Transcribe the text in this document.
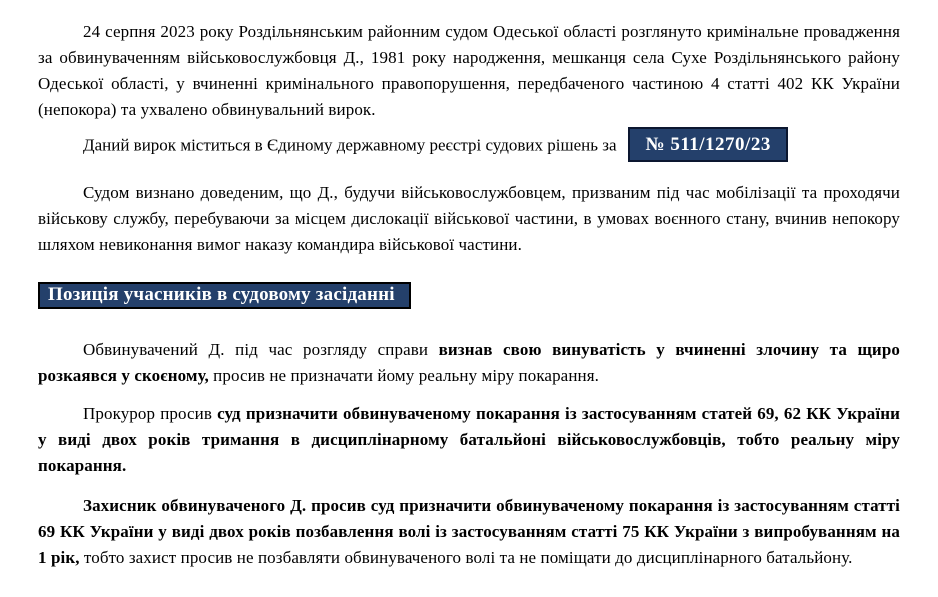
24 серпня 2023 року Роздільнянським районним судом Одеської області розглянуто кримінальне провадження за обвинуваченням військовослужбовця Д., 1981 року народження, мешканця села Сухе Роздільнянського району Одеської області, у вчиненні кримінального правопорушення, передбаченого частиною 4 статті 402 КК України (непокора) та ухвалено обвинувальний вирок.

Даний вирок міститься в Єдиному державному реєстрі судових рішень за № 511/1270/23

Судом визнано доведеним, що Д., будучи військовослужбовцем, призваним під час мобілізації та проходячи військову службу, перебуваючи за місцем дислокації військової частини, в умовах воєнного стану, вчинив непокору шляхом невиконання вимог наказу командира військової частини.

Позиція учасників в судовому засіданні

Обвинувачений Д. під час розгляду справи визнав свою винуватість у вчиненні злочину та щиро розкаявся у скоєному, просив не призначати йому реальну міру покарання.

Прокурор просив суд призначити обвинуваченому покарання із застосуванням статей 69, 62 КК України у виді двох років тримання в дисциплінарному батальйоні військовослужбовців, тобто реальну міру покарання.

Захисник обвинуваченого Д. просив суд призначити обвинуваченому покарання із застосуванням статті 69 КК України у виді двох років позбавлення волі із застосуванням статті 75 КК України з випробуванням на 1 рік, тобто захист просив не позбавляти обвинуваченого волі та не поміщати до дисциплінарного батальйону.
